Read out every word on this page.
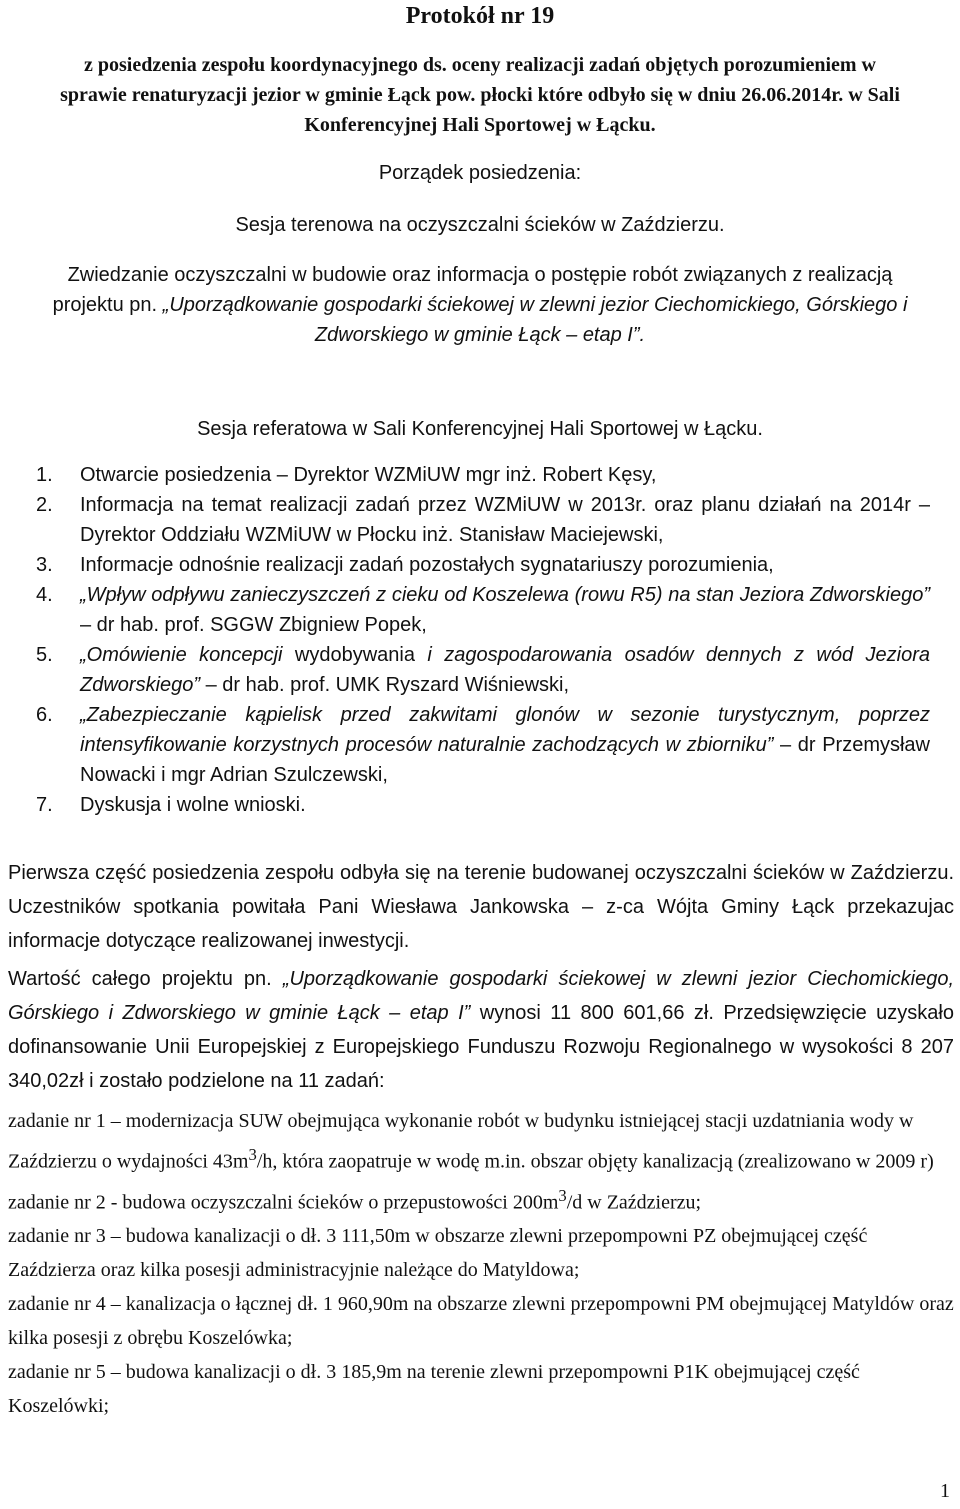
Protokół nr 19
z posiedzenia zespołu koordynacyjnego ds. oceny realizacji zadań objętych porozumieniem w sprawie renaturyzacji jezior w gminie Łąck pow. płocki które odbyło się w dniu 26.06.2014r. w Sali Konferencyjnej Hali Sportowej w Łącku.
Porządek posiedzenia:
Sesja terenowa na oczyszczalni ścieków w Zaździerzu.
Zwiedzanie oczyszczalni w budowie oraz informacja o postępie robót związanych z realizacją projektu pn. „Uporządkowanie gospodarki ściekowej w zlewni jezior Ciechomickiego, Górskiego i Zdworskiego w gminie Łąck – etap I”.
Sesja referatowa w Sali Konferencyjnej Hali Sportowej w Łącku.
1. Otwarcie posiedzenia – Dyrektor WZMiUW mgr inż. Robert Kęsy,
2. Informacja na temat realizacji zadań przez WZMiUW w 2013r. oraz planu działań na 2014r – Dyrektor Oddziału WZMiUW w Płocku inż. Stanisław Maciejewski,
3. Informacje odnośnie realizacji zadań pozostałych sygnatariuszy porozumienia,
4. „Wpływ odpływu zanieczyszczeń z cieku od Koszelewa (rowu R5) na stan Jeziora Zdworskiego” – dr hab. prof. SGGW Zbigniew Popek,
5. „Omówienie koncepcji wydobywania i zagospodarowania osadów dennych z wód Jeziora Zdworskiego” – dr hab. prof. UMK Ryszard Wiśniewski,
6. „Zabezpieczanie kąpielisk przed zakwitami glonów w sezonie turystycznym, poprzez intensyfikowanie korzystnych procesów naturalnie zachodzących w zbiorniku” – dr Przemysław Nowacki i mgr Adrian Szulczewski,
7. Dyskusja i wolne wnioski.

Pierwsza część posiedzenia zespołu odbyła się na terenie budowanej oczyszczalni ścieków w Zaździerzu. Uczestników spotkania powitała Pani Wiesława Jankowska – z-ca Wójta Gminy Łąck przekazujac informacje dotyczące realizowanej inwestycji.

Wartość całego projektu pn. „Uporządkowanie gospodarki ściekowej w zlewni jezior Ciechomickiego, Górskiego i Zdworskiego w gminie Łąck – etap I” wynosi 11 800 601,66 zł. Przedsięwzięcie uzyskało dofinansowanie Unii Europejskiej z Europejskiego Funduszu Rozwoju Regionalnego w wysokości 8 207 340,02zł i zostało podzielone na 11 zadań:

zadanie nr 1 – modernizacja SUW obejmująca wykonanie robót w budynku istniejącej stacji uzdatniania wody w Zaździerzu o wydajności $43m^3/h$, która zaopatruje w wodę m.in. obszar objęty kanalizacją (zrealizowano w 2009 r)

zadanie nr 2 - budowa oczyszczalni ścieków o przepustowości $200m^3/d$ w Zaździerzu;

zadanie nr 3 – budowa kanalizacji o dł. 3 111,50m w obszarze zlewni przepompowni PZ obejmującej część Zaździerza oraz kilka posesji administracyjnie należące do Matyldowa;

zadanie nr 4 – kanalizacja o łącznej dł. 1 960,90m na obszarze zlewni przepompowni PM obejmującej Matyldów oraz kilka posesji z obrębu Koszelówka;

zadanie nr 5 – budowa kanalizacji o dł. 3 185,9m na terenie zlewni przepompowni P1K obejmującej część Koszelówki;

1
